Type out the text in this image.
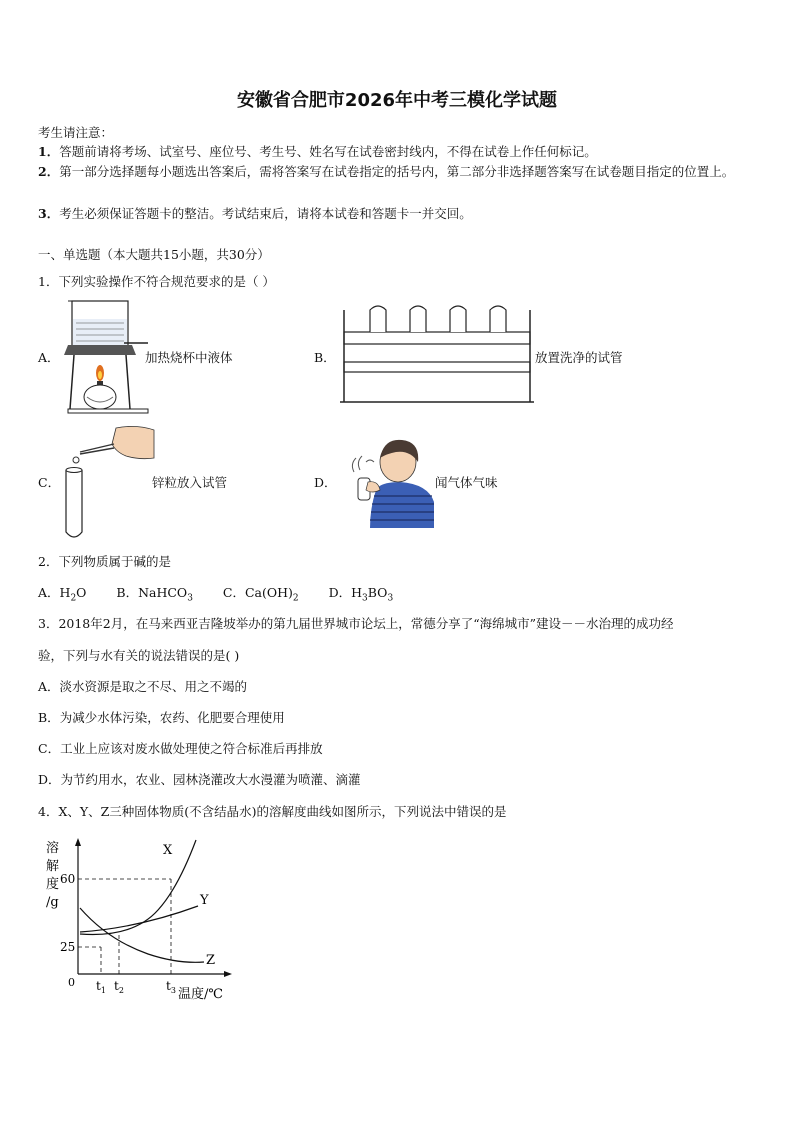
安徽省合肥市2026年中考三模化学试题
考生请注意：
1．答题前请将考场、试室号、座位号、考生号、姓名写在试卷密封线内，不得在试卷上作任何标记。
2．第一部分选择题每小题选出答案后，需将答案写在试卷指定的括号内，第二部分非选择题答案写在试卷题目指定的位置上。
3．考生必须保证答题卡的整洁。考试结束后，请将本试卷和答题卡一并交回。
一、单选题（本大题共15小题，共30分）
1．下列实验操作不符合规范要求的是（ ）
A．	加热烧杯中液体	B．	放置洗净的试管
C．	锌粒放入试管	D．	闻气体气味
2．下列物质属于碱的是
A．$H_2O$ B．NaHCO$_3$ C．$Ca(OH)_2$ D．$H_3BO_3$
3．2018年2月，在马来西亚吉隆坡举办的第九届世界城市论坛上，常德分享了“海绵城市”建设－－水治理的成功经
验，下列与水有关的说法错误的是( )
A．淡水资源是取之不尽、用之不竭的
B．为减少水体污染，农药、化肥要合理使用
C．工业上应该对废水做处理使之符合标准后再排放
D．为节约用水，农业、园林浇灌改大水漫灌为喷灌、滴灌
4．X、Y、Z三种固体物质(不含结晶水)的溶解度曲线如图所示，下列说法中错误的是
溶
解
度
/g
X
Y
Z
60
25
0 $t_1$ $t_2$	$t_3$ 温度/℃
